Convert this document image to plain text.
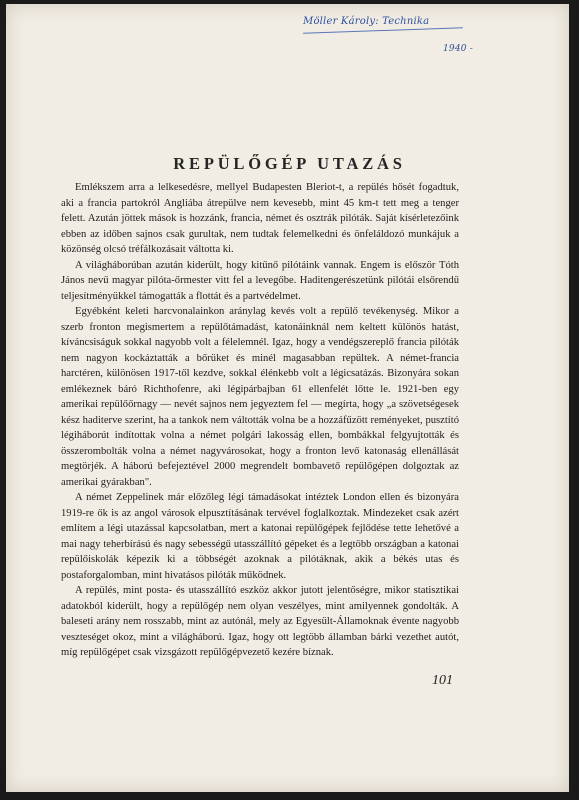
Möller Károly: Technika
1940 -
REPÜLŐGÉP UTAZÁS

Emlékszem arra a lelkesedésre, mellyel Budapesten Bleriot-t, a repülés hősét fogadtuk, aki a francia partokról Angliába átrepülve nem kevesebb, mint 45 km-t tett meg a tenger felett. Azután jöttek mások is hozzánk, francia, német és osztrák pilóták. Saját kísérletezőink ebben az időben sajnos csak gurultak, nem tudtak felemelkedni és önfeláldozó munkájuk a közönség olcsó tréfálkozásait váltotta ki.

A világháborúban azután kiderült, hogy kitűnő pilótáink vannak. Engem is először Tóth János nevű magyar pilóta-őrmester vitt fel a levegőbe. Haditengerészetünk pilótái elsőrendű teljesítményükkel támogatták a flottát és a partvédelmet.

Egyébként keleti harcvonalainkon aránylag kevés volt a repülő tevékenység. Mikor a szerb fronton megismertem a repülőtámadást, katonáinknál nem keltett különös hatást, kíváncsiságuk sokkal nagyobb volt a félelemnél. Igaz, hogy a vendégszereplő francia pilóták nem nagyon kockáztatták a bőrüket és minél magasabban repültek. A német-francia harctéren, különösen 1917-től kezdve, sokkal élénkebb volt a légicsatázás. Bizonyára sokan emlékeznek báró Richthofenre, aki légipárbajban 61 ellenfelét lőtte le. 1921-ben egy amerikai repülőőrnagy — nevét sajnos nem jegyeztem fel — megírta, hogy „a szövetségesek kész haditerve szerint, ha a tankok nem váltották volna be a hozzáfűzött reményeket, pusztító légiháborút indítottak volna a német polgári lakosság ellen, bombákkal felgyujtották és összerombolták volna a német nagyvárosokat, hogy a fronton levő katonaság ellenállását megtörjék. A háború befejeztével 2000 megrendelt bombavető repülőgépen dolgoztak az amerikai gyárakban".

A német Zeppelinek már előzőleg légi támadásokat intéztek London ellen és bizonyára 1919-re ők is az angol városok elpusztításának tervével foglalkoztak. Mindezeket csak azért említem a légi utazással kapcsolatban, mert a katonai repülőgépek fejlődése tette lehetővé a mai nagy teherbírású és nagy sebességű utasszállító gépeket és a legtöbb országban a katonai repülőiskolák képezik ki a többségét azoknak a pilótáknak, akik a békés utas és postaforgalomban, mint hivatásos pilóták működnek.

A repülés, mint posta- és utasszállító eszköz akkor jutott jelentőségre, mikor statisztikai adatokból kiderült, hogy a repülőgép nem olyan veszélyes, mint amilyennek gondolták. A baleseti arány nem rosszabb, mint az autónál, mely az Egyesült-Államoknak évente nagyobb veszteséget okoz, mint a világháború. Igaz, hogy ott legtöbb államban bárki vezethet autót, míg repülőgépet csak vizsgázott repülőgépvezető kezére bíznak.

101
